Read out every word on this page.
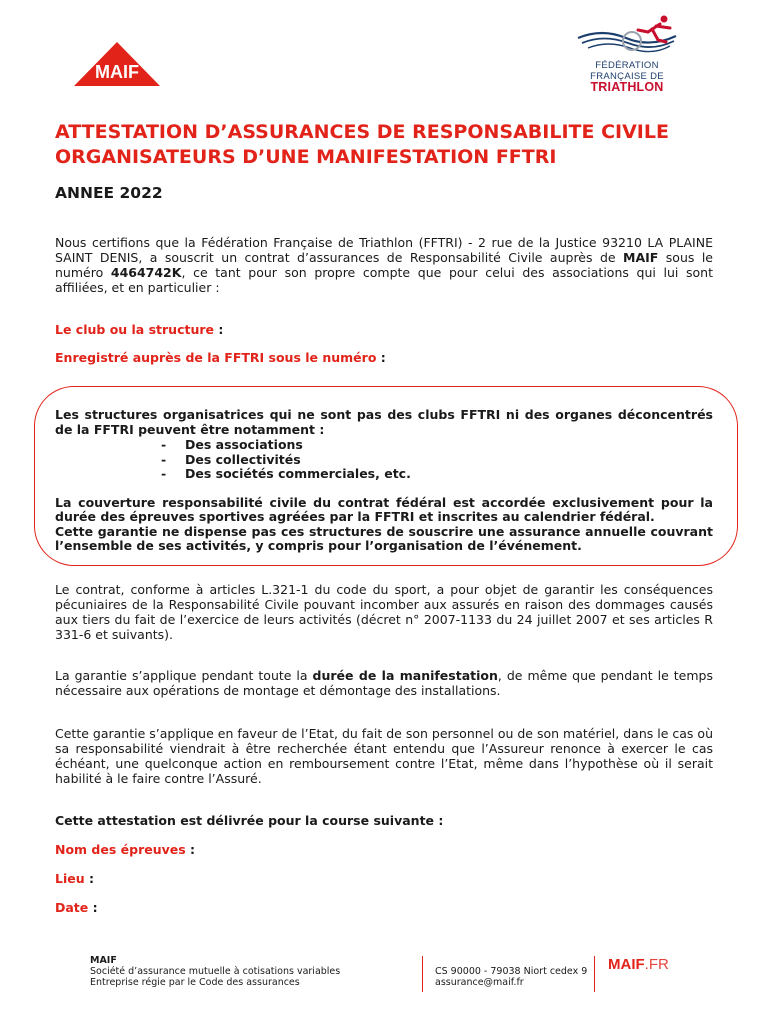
MAIF	FÉDÉRATION
FRANÇAISE DE
TRIATHLON
ATTESTATION D’ASSURANCES DE RESPONSABILITE CIVILE
ORGANISATEURS D’UNE MANIFESTATION FFTRI
ANNEE 2022
Nous certifions que la Fédération Française de Triathlon (FFTRI) - 2 rue de la Justice 93210 LA PLAINE SAINT DENIS, a souscrit un contrat d’assurances de Responsabilité Civile auprès de MAIF sous le numéro 4464742K, ce tant pour son propre compte que pour celui des associations qui lui sont affiliées, et en particulier :
Le club ou la structure :
Enregistré auprès de la FFTRI sous le numéro :
Les structures organisatrices qui ne sont pas des clubs FFTRI ni des organes déconcentrés de la FFTRI peuvent être notamment :
- Des associations
- Des collectivités
- Des sociétés commerciales, etc.
La couverture responsabilité civile du contrat fédéral est accordée exclusivement pour la durée des épreuves sportives agréées par la FFTRI et inscrites au calendrier fédéral.
Cette garantie ne dispense pas ces structures de souscrire une assurance annuelle couvrant l’ensemble de ses activités, y compris pour l’organisation de l’événement.
Le contrat, conforme à articles L.321-1 du code du sport, a pour objet de garantir les conséquences pécuniaires de la Responsabilité Civile pouvant incomber aux assurés en raison des dommages causés aux tiers du fait de l’exercice de leurs activités (décret n° 2007-1133 du 24 juillet 2007 et ses articles R 331-6 et suivants).
La garantie s’applique pendant toute la durée de la manifestation, de même que pendant le temps nécessaire aux opérations de montage et démontage des installations.
Cette garantie s’applique en faveur de l’Etat, du fait de son personnel ou de son matériel, dans le cas où sa responsabilité viendrait à être recherchée étant entendu que l’Assureur renonce à exercer le cas échéant, une quelconque action en remboursement contre l’Etat, même dans l’hypothèse où il serait habilité à le faire contre l’Assuré.
Cette attestation est délivrée pour la course suivante :
Nom des épreuves :
Lieu :
Date :
MAIF
Société d’assurance mutuelle à cotisations variables
Entreprise régie par le Code des assurances
CS 90000 - 79038 Niort cedex 9
assurance@maif.fr
MAIF.FR
